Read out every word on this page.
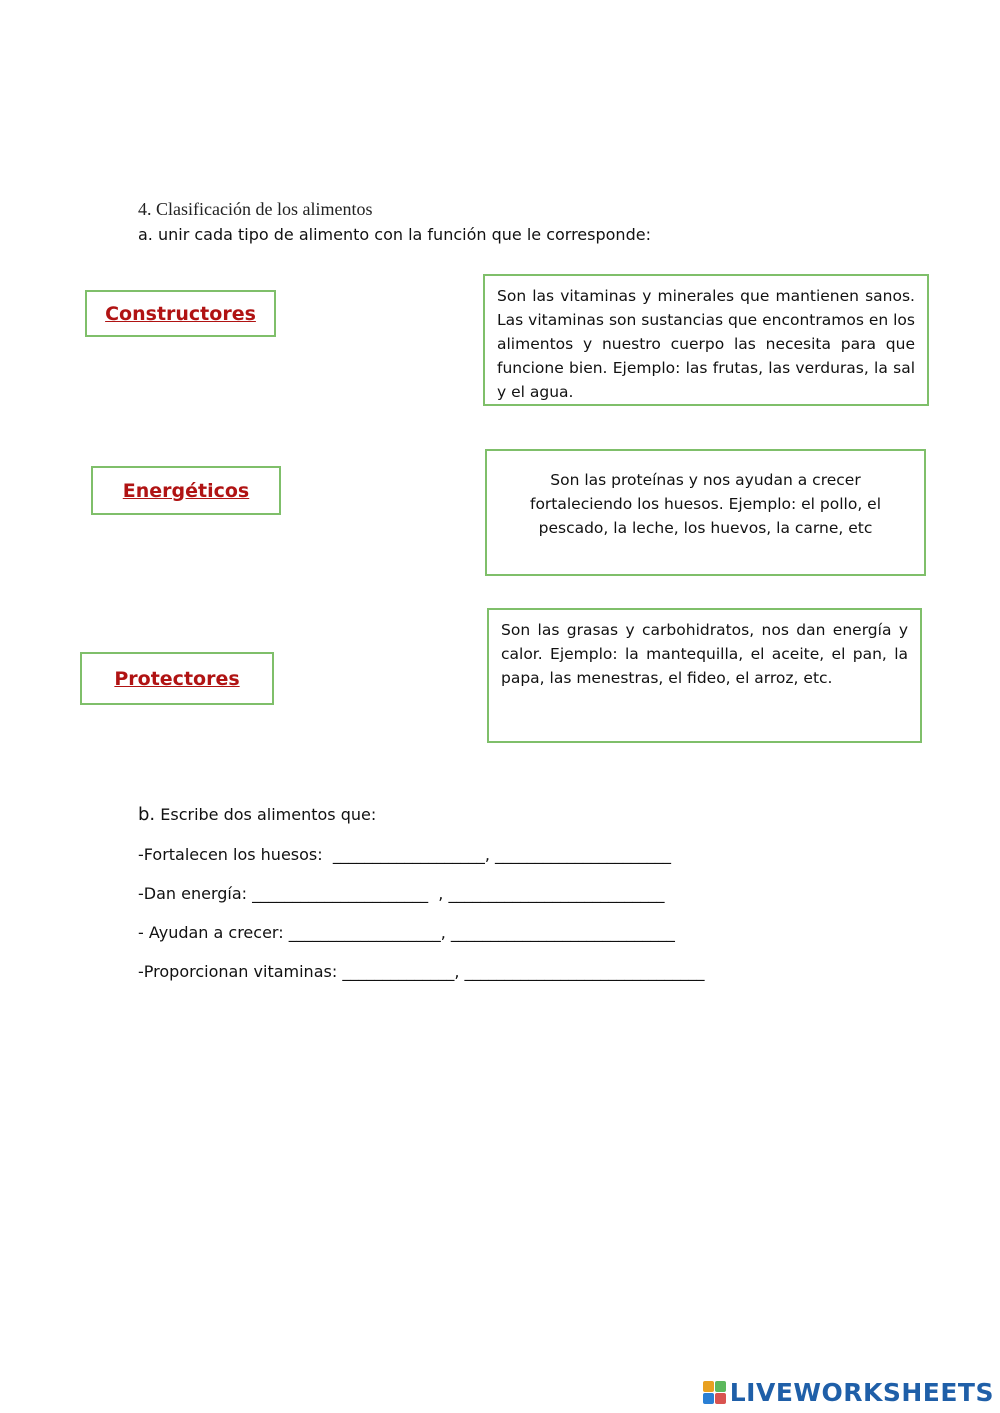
4. Clasificación de los alimentos
a. unir cada tipo de alimento con la función que le corresponde:
Constructores
Energéticos
Protectores
Son las vitaminas y minerales que mantienen sanos. Las vitaminas son sustancias que encontramos en los alimentos y nuestro cuerpo las necesita para que funcione bien. Ejemplo: las frutas, las verduras, la sal y el agua.
Son las proteínas y nos ayudan a crecer fortaleciendo los huesos. Ejemplo: el pollo, el pescado, la leche, los huevos, la carne, etc
Son las grasas y carbohidratos, nos dan energía y calor. Ejemplo: la mantequilla, el aceite, el pan, la papa, las menestras, el fideo, el arroz, etc.
b. Escribe dos alimentos que:
-Fortalecen los huesos:  ___________________, ______________________
-Dan energía: ______________________  , ___________________________
- Ayudan a crecer: ___________________, ____________________________
-Proporcionan vitaminas: ______________, ______________________________
LIVEWORKSHEETS
